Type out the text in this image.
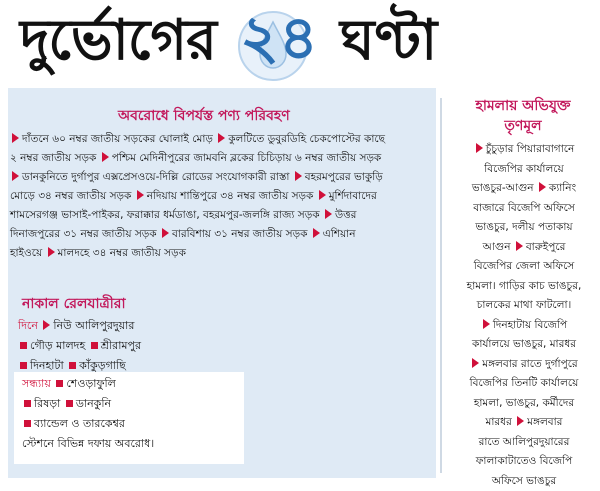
দুর্ভোগের ২৪ ঘণ্টা
অবরোধে বিপর্যস্ত পণ্য পরিবহণ
দাঁতনে ৬০ নম্বর জাতীয় সড়কের ঘোলাই মোড় কুলটিতে ডুবুরডিহি চেকপোস্টের কাছে
২ নম্বর জাতীয় সড়ক পশ্চিম মেদিনীপুরের জামবনি ব্লকের চিচিড়ায় ৬ নম্বর জাতীয় সড়ক
ডানকুনিতে দুর্গাপুর এক্সপ্রেসওয়ে-দিল্লি রোডের সংযোগকারী রাস্তা বহরমপুরের ভাকুড়ি
মোড়ে ৩৪ নম্বর জাতীয় সড়ক নদিয়ায় শান্তিপুরে ৩৪ নম্বর জাতীয় সড়ক মুর্শিদাবাদের
শামসেরগঞ্জ ভাসাই-পাইকর, ফরাক্কার ধর্মডাঙা, বহরমপুর-জলঙ্গি রাজ্য সড়ক উত্তর
দিনাজপুরের ৩১ নম্বর জাতীয় সড়ক বারবিশায় ৩১ নম্বর জাতীয় সড়ক এশিয়ান
হাইওয়ে মালদহে ৩৪ নম্বর জাতীয় সড়ক
নাকাল রেলযাত্রীরা
দিনে নিউ আলিপুরদুয়ার
গৌড় মালদহ শ্রীরামপুর
দিনহাটা কাঁকুড়গাছি
সন্ধ্যায় শেওড়াফুলি
রিষড়া ডানকুনি
ব্যান্ডেল ও তারকেশ্বর
স্টেশনে বিভিন্ন দফায় অবরোধ।
হামলায় অভিযুক্ত
তৃণমূল
চুঁচুড়ার পিয়ারাবাগানে
বিজেপির কার্যালয়ে
ভাঙচুর-আগুন ক্যানিং
বাজারে বিজেপি অফিসে
ভাঙচুর, দলীয় পতাকায়
আগুন বারুইপুরে
বিজেপির জেলা অফিসে
হামলা। গাড়ির কাচ ভাঙচুর,
চালকের মাথা ফাটলো।
দিনহাটায় বিজেপি
কার্যালয়ে ভাঙচুর, মারধর
মঙ্গলবার রাতে দুর্গাপুরে
বিজেপির তিনটি কার্যালয়ে
হামলা, ভাঙচুর, কর্মীদের
মারধর মঙ্গলবার
রাতে আলিপুরদুয়ারের
ফালাকাটাতেও বিজেপি
অফিসে ভাঙচুর
